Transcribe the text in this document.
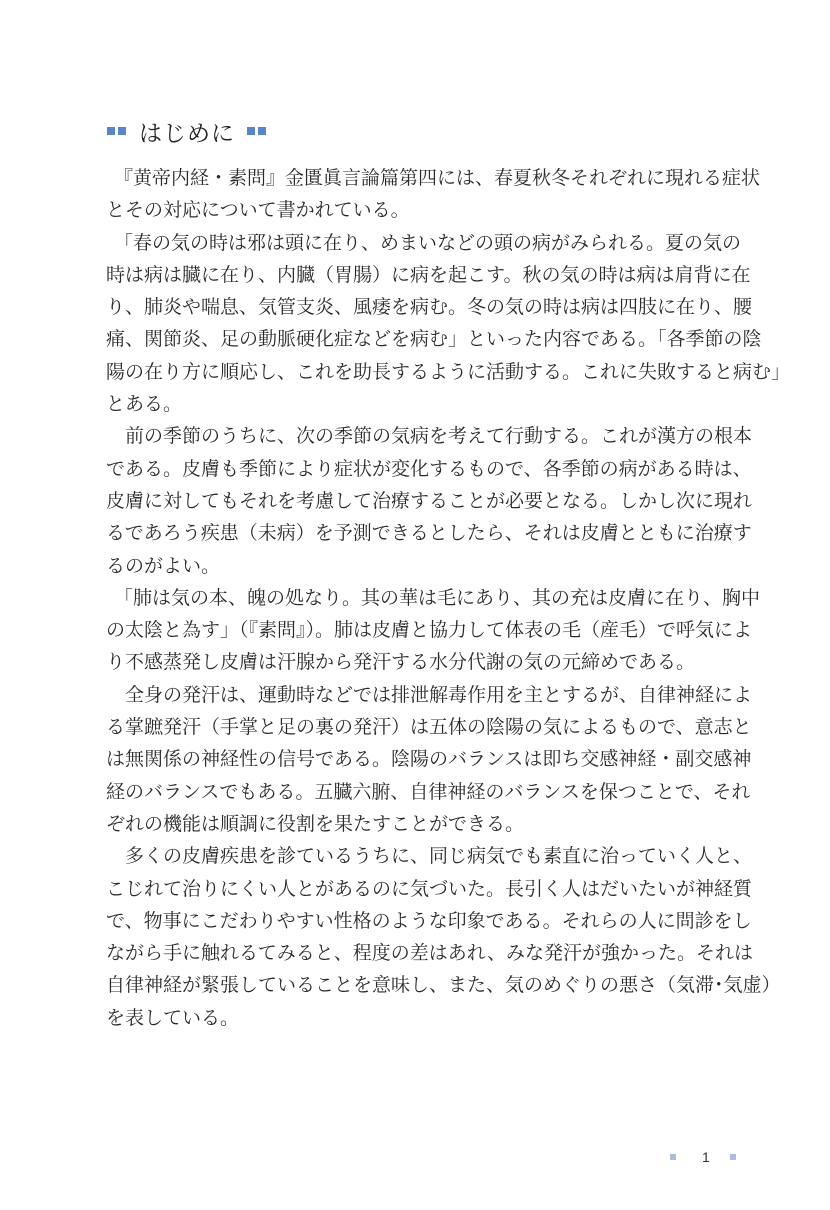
はじめに
『黄帝内経・素問』金匱眞言論篇第四には、春夏秋冬それぞれに現れる症状
とその対応について書かれている。
「春の気の時は邪は頭に在り、めまいなどの頭の病がみられる。夏の気の
時は病は臓に在り、内臓（胃腸）に病を起こす。秋の気の時は病は肩背に在
り、肺炎や喘息、気管支炎、風痿を病む。冬の気の時は病は四肢に在り、腰
痛、関節炎、足の動脈硬化症などを病む」といった内容である。「各季節の陰
陽の在り方に順応し、これを助長するように活動する。これに失敗すると病む」
とある。
前の季節のうちに、次の季節の気病を考えて行動する。これが漢方の根本
である。皮膚も季節により症状が変化するもので、各季節の病がある時は、
皮膚に対してもそれを考慮して治療することが必要となる。しかし次に現れ
るであろう疾患（未病）を予測できるとしたら、それは皮膚とともに治療す
るのがよい。
「肺は気の本、魄の処なり。其の華は毛にあり、其の充は皮膚に在り、胸中
の太陰と為す」（『素問』）。肺は皮膚と協力して体表の毛（産毛）で呼気によ
り不感蒸発し皮膚は汗腺から発汗する水分代謝の気の元締めである。
全身の発汗は、運動時などでは排泄解毒作用を主とするが、自律神経によ
る掌蹠発汗（手掌と足の裏の発汗）は五体の陰陽の気によるもので、意志と
は無関係の神経性の信号である。陰陽のバランスは即ち交感神経・副交感神
経のバランスでもある。五臓六腑、自律神経のバランスを保つことで、それ
ぞれの機能は順調に役割を果たすことができる。
多くの皮膚疾患を診ているうちに、同じ病気でも素直に治っていく人と、
こじれて治りにくい人とがあるのに気づいた。長引く人はだいたいが神経質
で、物事にこだわりやすい性格のような印象である。それらの人に問診をし
ながら手に触れるてみると、程度の差はあれ、みな発汗が強かった。それは
自律神経が緊張していることを意味し、また、気のめぐりの悪さ（気滞･気虚）
を表している。
1
